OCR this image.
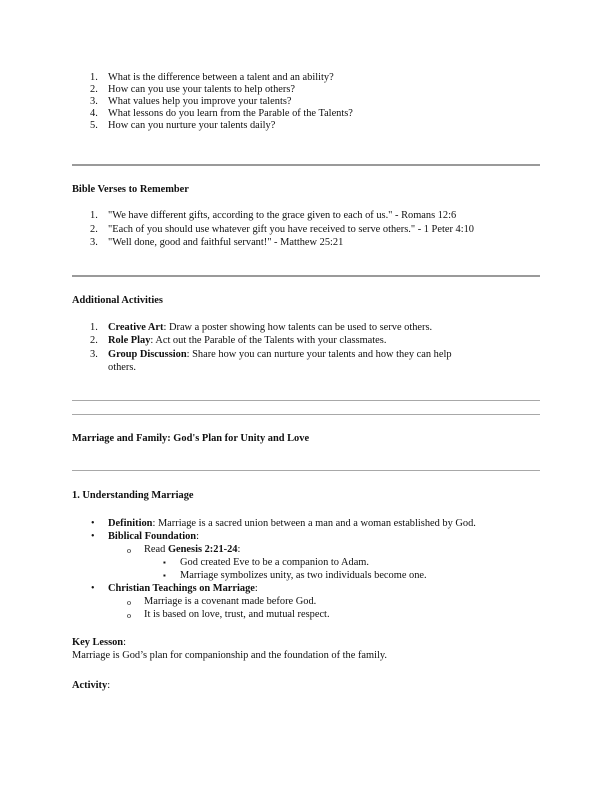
1. What is the difference between a talent and an ability?
2. How can you use your talents to help others?
3. What values help you improve your talents?
4. What lessons do you learn from the Parable of the Talents?
5. How can you nurture your talents daily?
Bible Verses to Remember
1. "We have different gifts, according to the grace given to each of us." - Romans 12:6
2. "Each of you should use whatever gift you have received to serve others." - 1 Peter 4:10
3. "Well done, good and faithful servant!" - Matthew 25:21
Additional Activities
1. Creative Art: Draw a poster showing how talents can be used to serve others.
2. Role Play: Act out the Parable of the Talents with your classmates.
3. Group Discussion: Share how you can nurture your talents and how they can help
others.
Marriage and Family: God's Plan for Unity and Love
1. Understanding Marriage
• Definition: Marriage is a sacred union between a man and a woman established by God.
• Biblical Foundation:
o Read Genesis 2:21-24:
▪ God created Eve to be a companion to Adam.
▪ Marriage symbolizes unity, as two individuals become one.
• Christian Teachings on Marriage:
o Marriage is a covenant made before God.
o It is based on love, trust, and mutual respect.
Key Lesson:
Marriage is God’s plan for companionship and the foundation of the family.
Activity:
